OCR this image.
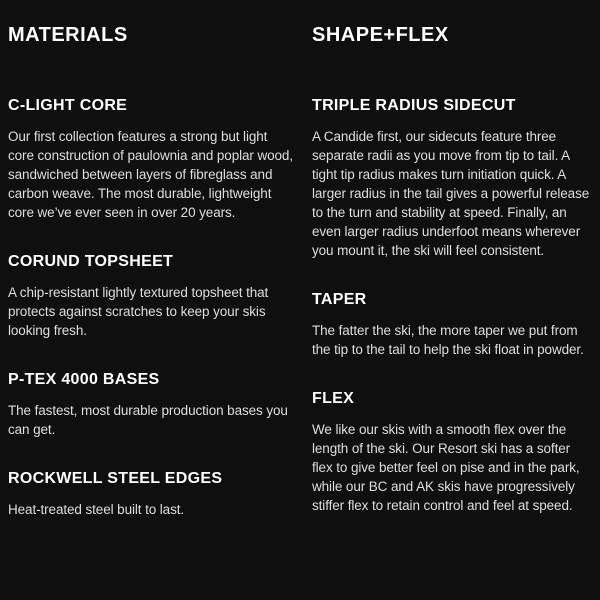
MATERIALS
C-LIGHT CORE

Our first collection features a strong but light core construction of paulownia and poplar wood, sandwiched between layers of fibreglass and carbon weave. The most durable, lightweight core we’ve ever seen in over 20 years.

CORUND TOPSHEET

A chip-resistant lightly textured topsheet that protects against scratches to keep your skis looking fresh.

P-TEX 4000 BASES

The fastest, most durable production bases you can get.

ROCKWELL STEEL EDGES

Heat-treated steel built to last.

SHAPE+FLEX
TRIPLE RADIUS SIDECUT

A Candide first, our sidecuts feature three separate radii as you move from tip to tail. A tight tip radius makes turn initiation quick. A larger radius in the tail gives a powerful release to the turn and stability at speed. Finally, an even larger radius underfoot means wherever you mount it, the ski will feel consistent.

TAPER

The fatter the ski, the more taper we put from the tip to the tail to help the ski float in powder.

FLEX

We like our skis with a smooth flex over the length of the ski. Our Resort ski has a softer flex to give better feel on pise and in the park, while our BC and AK skis have progressively stiffer flex to retain control and feel at speed.
